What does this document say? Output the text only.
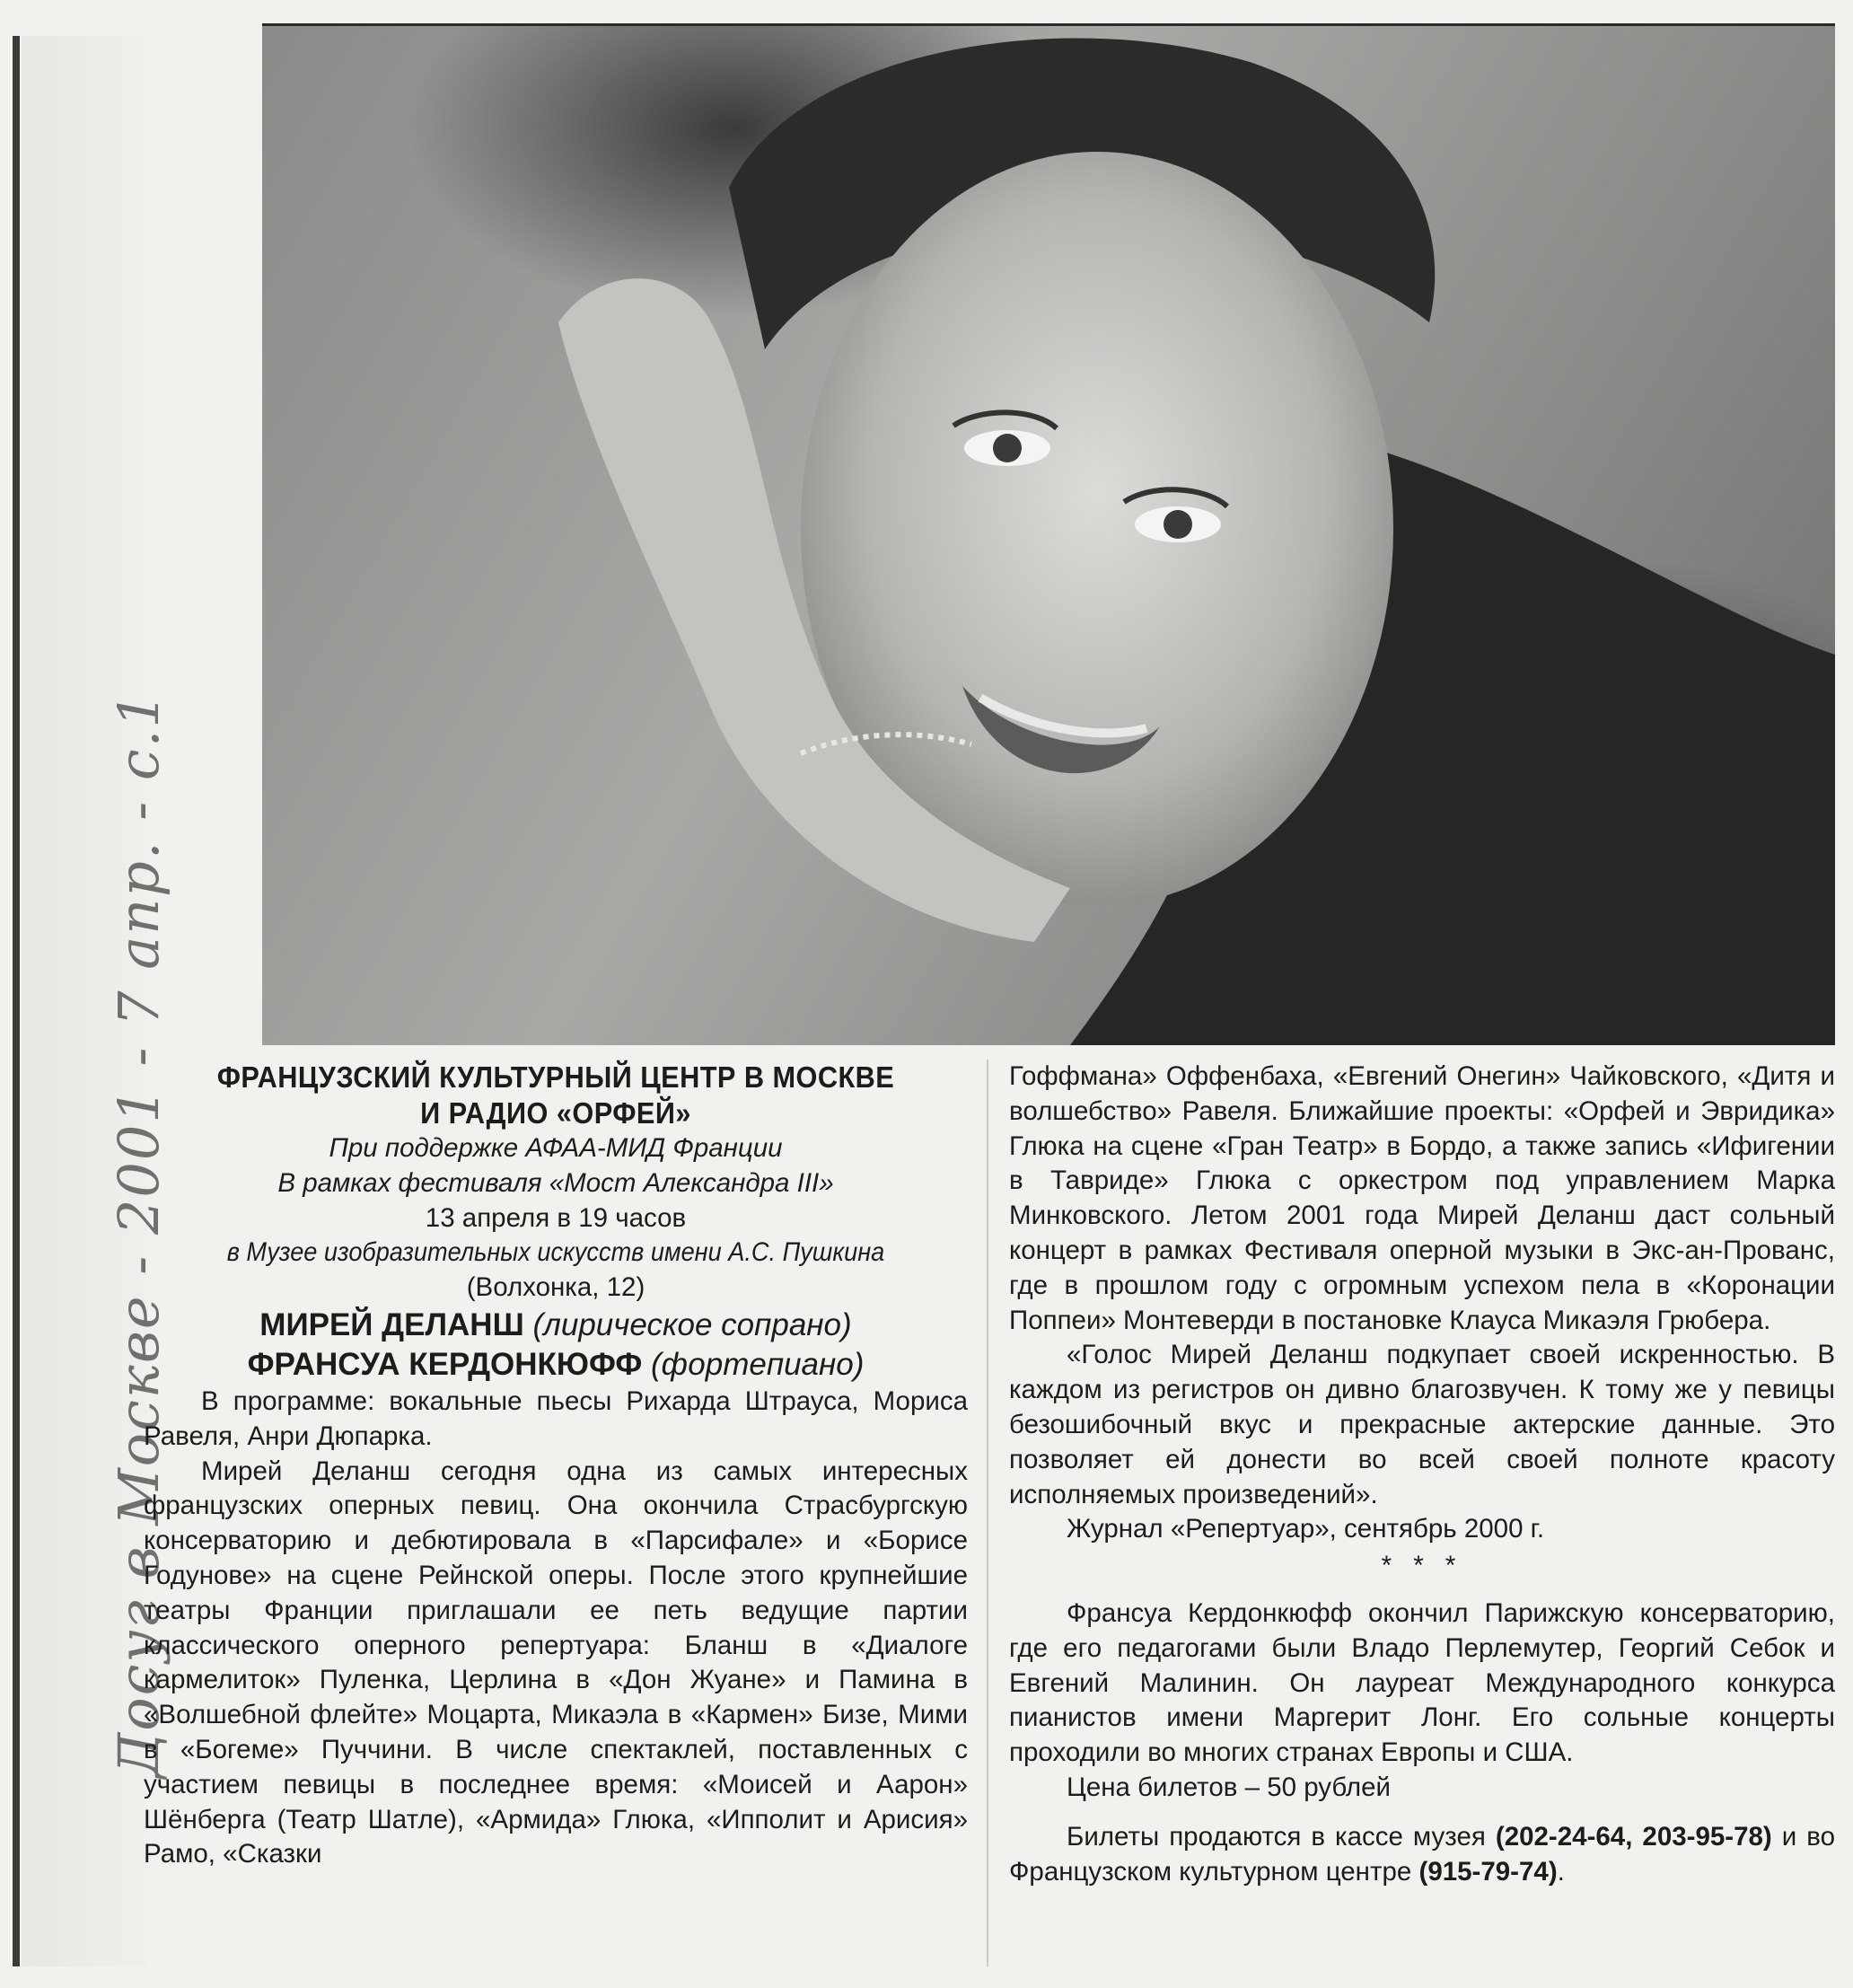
Досуг в Москве - 2001 - 7 апр. - с.1	ФРАНЦУЗСКИЙ КУЛЬТУРНЫЙ ЦЕНТР В МОСКВЕ
И РАДИО «ОРФЕЙ»
При поддержке АФАА-МИД Франции
В рамках фестиваля «Мост Александра III»
13 апреля в 19 часов
в Музее изобразительных искусств имени А.С. Пушкина
(Волхонка, 12)
МИРЕЙ ДЕЛАНШ (лирическое сопрано)
ФРАНСУА КЕРДОНКЮФФ (фортепиано)

В программе: вокальные пьесы Рихарда Штрауса, Мориса Равеля, Анри Дюпарка.

Мирей Деланш сегодня одна из самых интересных французских оперных певиц. Она окончила Страсбургскую консерваторию и дебютировала в «Парсифале» и «Борисе Годунове» на сцене Рейнской оперы. После этого крупнейшие театры Франции приглашали ее петь ведущие партии классического оперного репертуара: Бланш в «Диалоге кармелиток» Пуленка, Церлина в «Дон Жуане» и Памина в «Волшебной флейте» Моцарта, Микаэла в «Кармен» Бизе, Мими в «Богеме» Пуччини. В числе спектаклей, поставленных с участием певицы в последнее время: «Моисей и Аарон» Шёнберга (Театр Шатле), «Армида» Глюка, «Ипполит и Арисия» Рамо, «Сказки

Гоффмана» Оффенбаха, «Евгений Онегин» Чайковского, «Дитя и волшебство» Равеля. Ближайшие проекты: «Орфей и Эвридика» Глюка на сцене «Гран Театр» в Бордо, а также запись «Ифигении в Тавриде» Глюка с оркестром под управлением Марка Минковского. Летом 2001 года Мирей Деланш даст сольный концерт в рамках Фестиваля оперной музыки в Экс-ан-Прованс, где в прошлом году с огромным успехом пела в «Коронации Поппеи» Монтеверди в постановке Клауса Микаэля Грюбера.

«Голос Мирей Деланш подкупает своей искренностью. В каждом из регистров он дивно благозвучен. К тому же у певицы безошибочный вкус и прекрасные актерские данные. Это позволяет ей донести во всей своей полноте красоту исполняемых произведений».

Журнал «Репертуар», сентябрь 2000 г.

* * *

Франсуа Кердонкюфф окончил Парижскую консерваторию, где его педагогами были Владо Перлемутер, Георгий Себок и Евгений Малинин. Он лауреат Международного конкурса пианистов имени Маргерит Лонг. Его сольные концерты проходили во многих странах Европы и США.

Цена билетов – 50 рублей

Билеты продаются в кассе музея (202-24-64, 203-95-78) и во Французском культурном центре (915-79-74).
